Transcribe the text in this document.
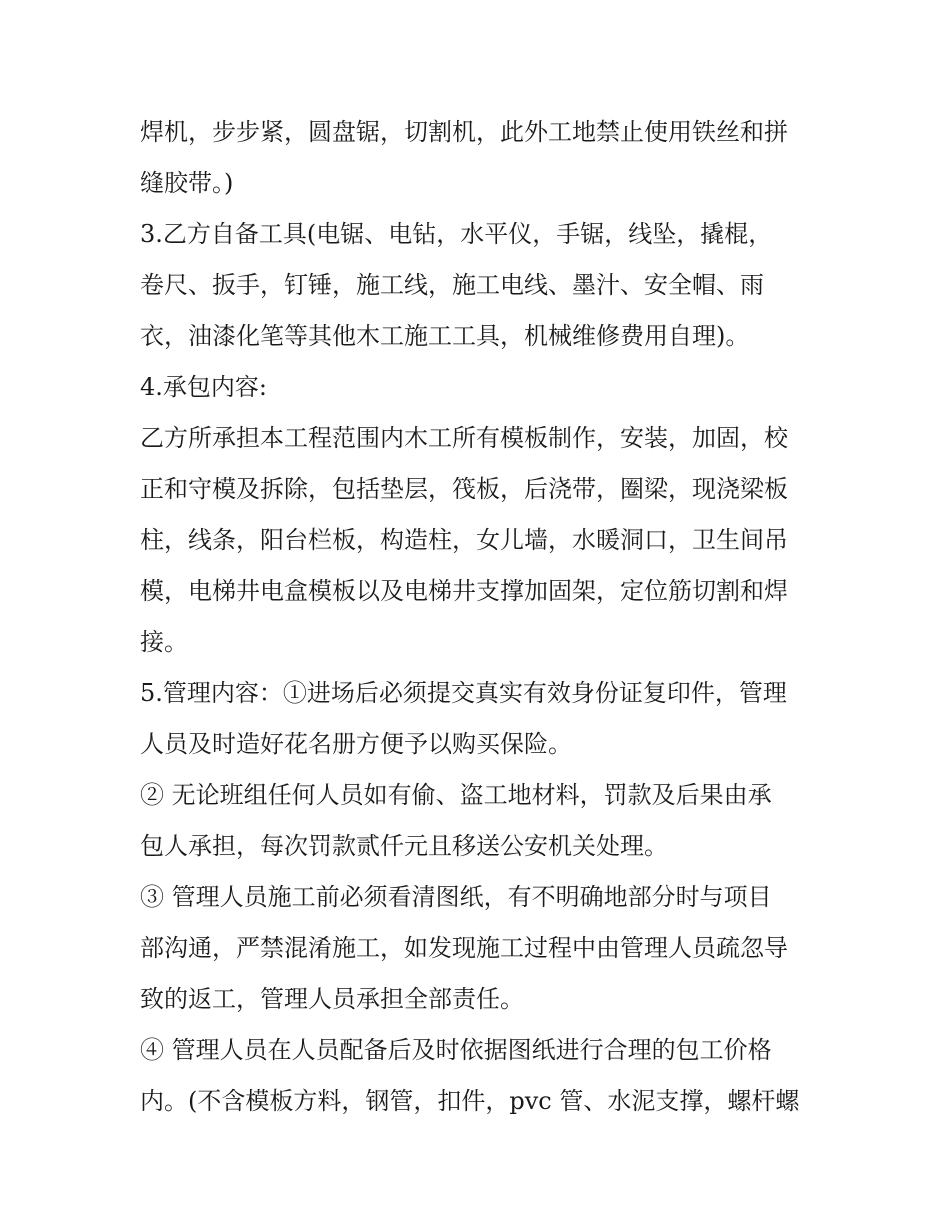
焊机，步步紧，圆盘锯，切割机，此外工地禁止使用铁丝和拼

缝胶带。)

3.乙方自备工具(电锯、电钻，水平仪，手锯，线坠，撬棍，

卷尺、扳手，钉锤，施工线，施工电线、墨汁、安全帽、雨

衣，油漆化笔等其他木工施工工具，机械维修费用自理)。

4.承包内容:

乙方所承担本工程范围内木工所有模板制作，安装，加固，校

正和守模及拆除，包括垫层，筏板，后浇带，圈梁，现浇梁板

柱，线条，阳台栏板，构造柱，女儿墙，水暖洞口，卫生间吊

模，电梯井电盒模板以及电梯井支撑加固架，定位筋切割和焊

接。

5.管理内容：①进场后必须提交真实有效身份证复印件，管理

人员及时造好花名册方便予以购买保险。

② 无论班组任何人员如有偷、盗工地材料，罚款及后果由承

包人承担，每次罚款贰仟元且移送公安机关处理。

③ 管理人员施工前必须看清图纸，有不明确地部分时与项目

部沟通，严禁混淆施工，如发现施工过程中由管理人员疏忽导

致的返工，管理人员承担全部责任。

④ 管理人员在人员配备后及时依据图纸进行合理的包工价格

内。(不含模板方料，钢管，扣件，pvc 管、水泥支撑，螺杆螺
